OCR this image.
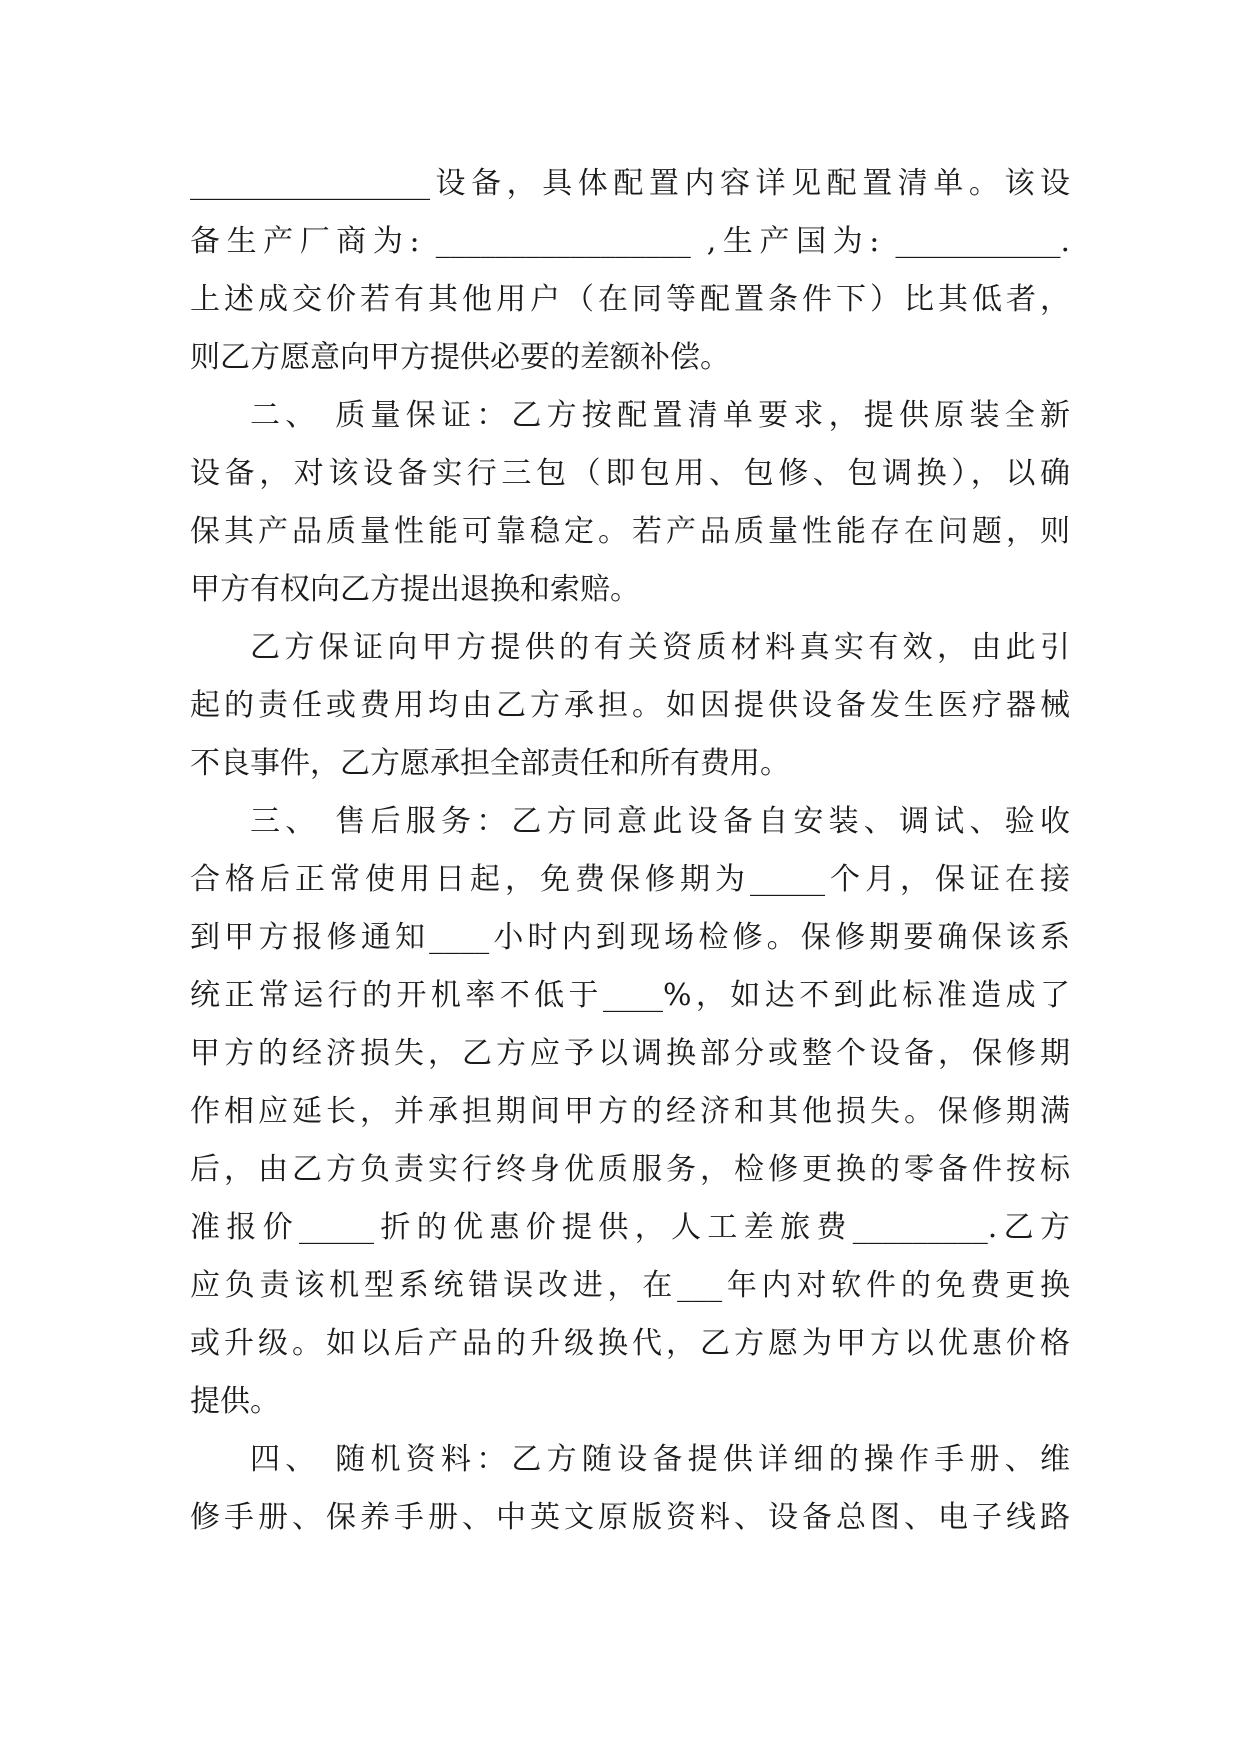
________________设备，具体配置内容详见配置清单。该设
备生产厂商为: _________________ ,生产国为: ___________.
上述成交价若有其他用户（在同等配置条件下）比其低者，
则乙方愿意向甲方提供必要的差额补偿。
二、 质量保证：乙方按配置清单要求，提供原装全新
设备，对该设备实行三包（即包用、包修、包调换），以确
保其产品质量性能可靠稳定。若产品质量性能存在问题，则
甲方有权向乙方提出退换和索赔。
乙方保证向甲方提供的有关资质材料真实有效，由此引
起的责任或费用均由乙方承担。如因提供设备发生医疗器械
不良事件，乙方愿承担全部责任和所有费用。
三、 售后服务：乙方同意此设备自安装、调试、验收
合格后正常使用日起，免费保修期为_____个月，保证在接
到甲方报修通知____小时内到现场检修。保修期要确保该系
统正常运行的开机率不低于____%，如达不到此标准造成了
甲方的经济损失，乙方应予以调换部分或整个设备，保修期
作相应延长，并承担期间甲方的经济和其他损失。保修期满
后，由乙方负责实行终身优质服务，检修更换的零备件按标
准报价_____折的优惠价提供，人工差旅费_________.乙方
应负责该机型系统错误改进，在___年内对软件的免费更换
或升级。如以后产品的升级换代，乙方愿为甲方以优惠价格
提供。
四、 随机资料：乙方随设备提供详细的操作手册、维
修手册、保养手册、中英文原版资料、设备总图、电子线路
